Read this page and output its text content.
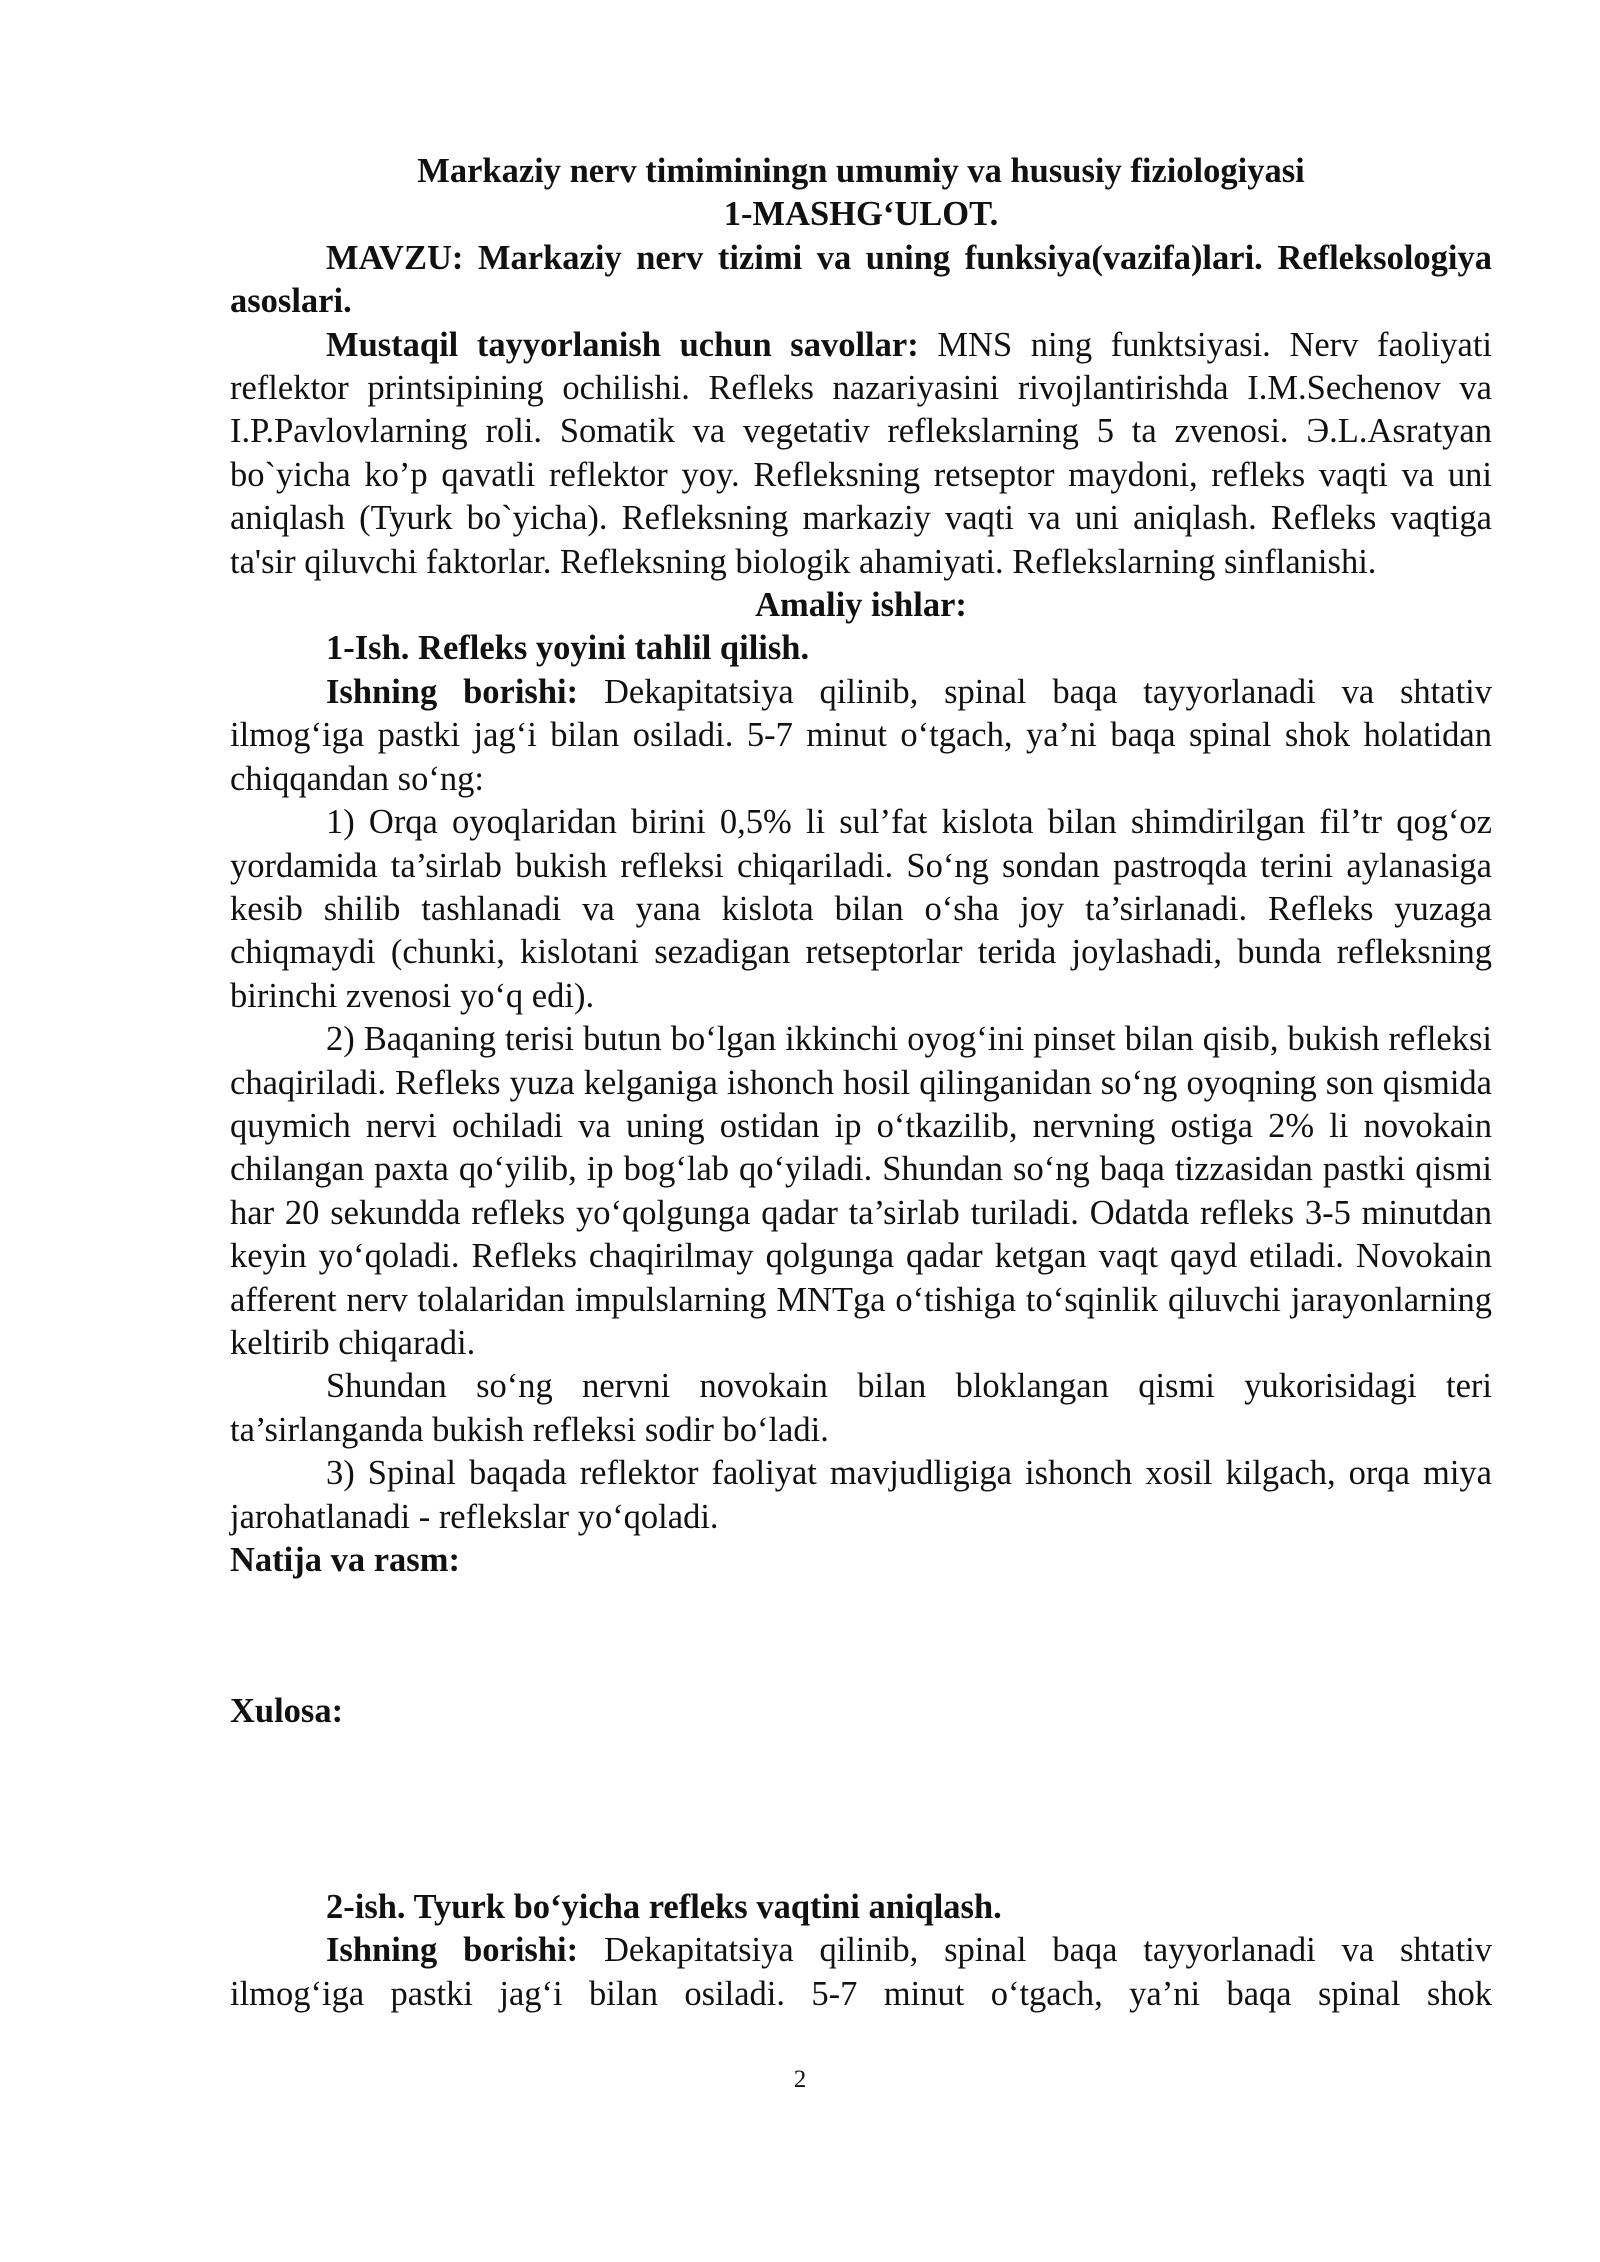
Markaziy nerv timiminingn umumiy va hususiy fiziologiyasi

1-MASHG‘ULOT.

MAVZU: Markaziy nerv tizimi va uning funksiya(vazifa)lari. Refleksologiya asoslari.

Mustaqil tayyorlanish uchun savollar: MNS ning funktsiyasi. Nerv faoliyati reflektor printsipining ochilishi. Refleks nazariyasini rivojlantirishda I.M.Sechenov va I.P.Pavlovlarning roli. Somatik va vegetativ reflekslarning 5 ta zvenosi. Э.L.Asratyan bo`yicha ko’p qavatli reflektor yoy. Refleksning retseptor maydoni, refleks vaqti va uni aniqlash (Tyurk bo`yicha). Refleksning markaziy vaqti va uni aniqlash. Refleks vaqtiga ta'sir qiluvchi faktorlar. Refleksning biologik ahamiyati. Reflekslarning sinflanishi.

Amaliy ishlar:

1-Ish. Refleks yoyini tahlil qilish.

Ishning borishi: Dekapitatsiya qilinib, spinal baqa tayyorlanadi va shtativ ilmog‘iga pastki jag‘i bilan osiladi. 5-7 minut o‘tgach, ya’ni baqa spinal shok holatidan chiqqandan so‘ng:

1) Orqa oyoqlaridan birini 0,5% li sul’fat kislota bilan shimdirilgan fil’tr qog‘oz yordamida ta’sirlab bukish refleksi chiqariladi. So‘ng sondan pastroqda terini aylanasiga kesib shilib tashlanadi va yana kislota bilan o‘sha joy ta’sirlanadi. Refleks yuzaga chiqmaydi (chunki, kislotani sezadigan retseptorlar terida joylashadi, bunda refleksning birinchi zvenosi yo‘q edi).

2) Baqaning terisi butun bo‘lgan ikkinchi oyog‘ini pinset bilan qisib, bukish refleksi chaqiriladi. Refleks yuza kelganiga ishonch hosil qilinganidan so‘ng oyoqning son qismida quymich nervi ochiladi va uning ostidan ip o‘tkazilib, nervning ostiga 2% li novokain chilangan paxta qo‘yilib, ip bog‘lab qo‘yiladi. Shundan so‘ng baqa tizzasidan pastki qismi har 20 sekundda refleks yo‘qolgunga qadar ta’sirlab turiladi. Odatda refleks 3-5 minutdan keyin yo‘qoladi. Refleks chaqirilmay qolgunga qadar ketgan vaqt qayd etiladi. Novokain afferent nerv tolalaridan impulslarning MNTga o‘tishiga to‘sqinlik qiluvchi jarayonlarning keltirib chiqaradi.

Shundan so‘ng nervni novokain bilan bloklangan qismi yukorisidagi teri ta’sirlanganda bukish refleksi sodir bo‘ladi.

3) Spinal baqada reflektor faoliyat mavjudligiga ishonch xosil kilgach, orqa miya jarohatlanadi - reflekslar yo‘qoladi.

Natija va rasm:

Xulosa:

2-ish. Tyurk bo‘yicha refleks vaqtini aniqlash.

Ishning borishi: Dekapitatsiya qilinib, spinal baqa tayyorlanadi va shtativ ilmog‘iga pastki jag‘i bilan osiladi. 5-7 minut o‘tgach, ya’ni baqa spinal shok

2
